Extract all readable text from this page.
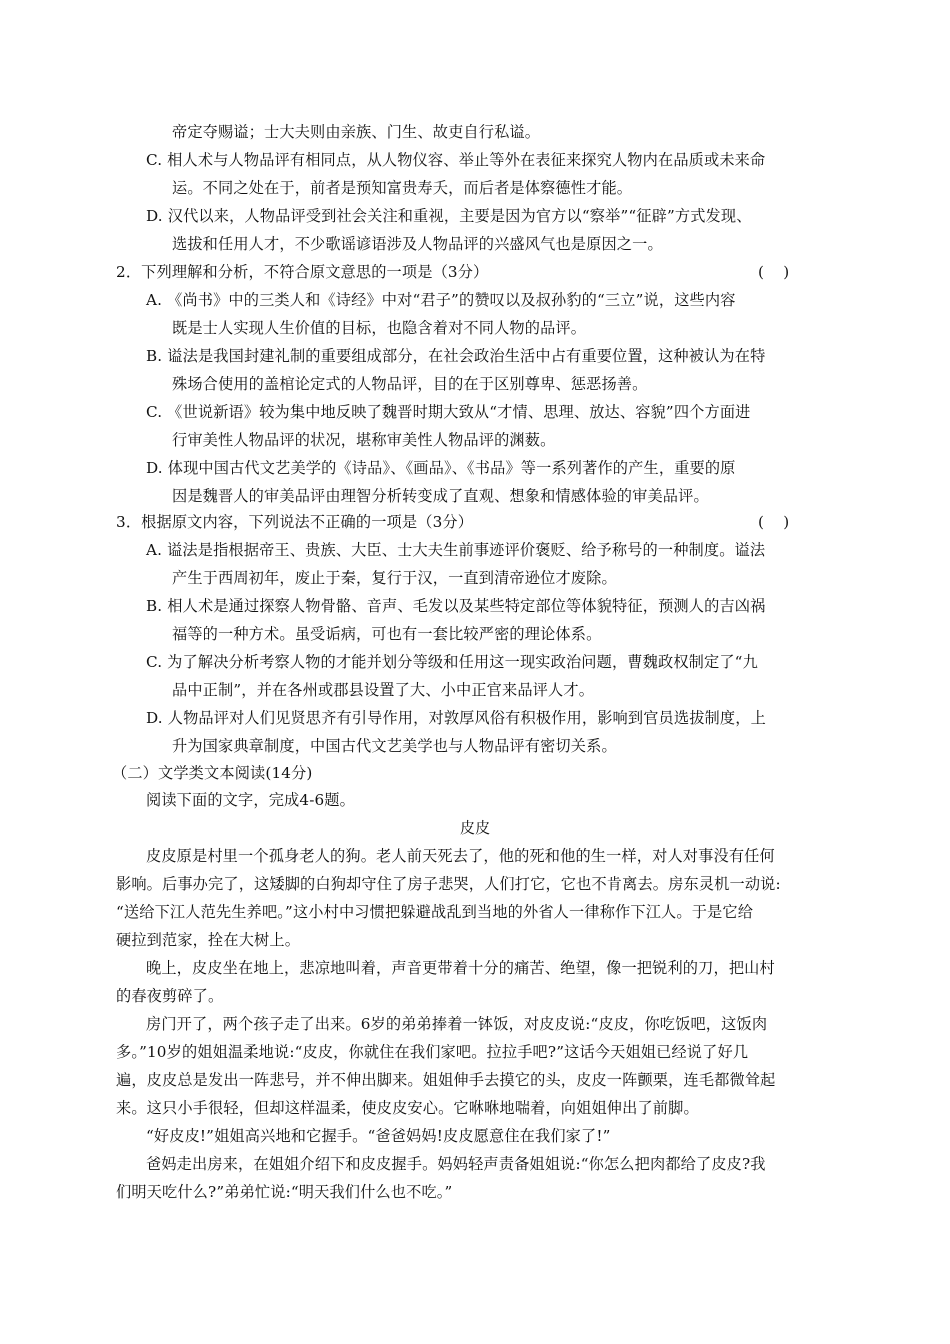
帝定夺赐谥；士大夫则由亲族、门生、故吏自行私谥。
C. 相人术与人物品评有相同点，从人物仪容、举止等外在表征来探究人物内在品质或未来命
运。不同之处在于，前者是预知富贵寿夭，而后者是体察德性才能。
D. 汉代以来，人物品评受到社会关注和重视，主要是因为官方以“察举”“征辟”方式发现、
选拔和任用人才，不少歌谣谚语涉及人物品评的兴盛风气也是原因之一。
2．下列理解和分析，不符合原文意思的一项是（3分）	(    )
A. 《尚书》中的三类人和《诗经》中对“君子”的赞叹以及叔孙豹的“三立”说，这些内容
既是士人实现人生价值的目标，也隐含着对不同人物的品评。
B. 谥法是我国封建礼制的重要组成部分，在社会政治生活中占有重要位置，这种被认为在特
殊场合使用的盖棺论定式的人物品评，目的在于区别尊卑、惩恶扬善。
C. 《世说新语》较为集中地反映了魏晋时期大致从“才情、思理、放达、容貌”四个方面进
行审美性人物品评的状况，堪称审美性人物品评的渊薮。
D. 体现中国古代文艺美学的《诗品》、《画品》、《书品》等一系列著作的产生，重要的原
因是魏晋人的审美品评由理智分析转变成了直观、想象和情感体验的审美品评。
3．根据原文内容，下列说法不正确的一项是（3分）	(    )
A. 谥法是指根据帝王、贵族、大臣、士大夫生前事迹评价褒贬、给予称号的一种制度。谥法
产生于西周初年，废止于秦，复行于汉，一直到清帝逊位才废除。
B. 相人术是通过探察人物骨骼、音声、毛发以及某些特定部位等体貌特征，预测人的吉凶祸
福等的一种方术。虽受诟病，可也有一套比较严密的理论体系。
C. 为了解决分析考察人物的才能并划分等级和任用这一现实政治问题，曹魏政权制定了“九
品中正制”，并在各州或郡县设置了大、小中正官来品评人才。
D. 人物品评对人们见贤思齐有引导作用，对敦厚风俗有积极作用，影响到官员选拔制度，上
升为国家典章制度，中国古代文艺美学也与人物品评有密切关系。
（二）文学类文本阅读(14分)
阅读下面的文字，完成4-6题。
皮皮
皮皮原是村里一个孤身老人的狗。老人前天死去了，他的死和他的生一样，对人对事没有任何
影响。后事办完了，这矮脚的白狗却守住了房子悲哭，人们打它，它也不肯离去。房东灵机一动说:
“送给下江人范先生养吧。”这小村中习惯把躲避战乱到当地的外省人一律称作下江人。于是它给
硬拉到范家，拴在大树上。
晚上，皮皮坐在地上，悲凉地叫着，声音更带着十分的痛苦、绝望，像一把锐利的刀，把山村
的春夜剪碎了。
房门开了，两个孩子走了出来。6岁的弟弟捧着一钵饭，对皮皮说:“皮皮，你吃饭吧，这饭肉
多。”10岁的姐姐温柔地说:“皮皮，你就住在我们家吧。拉拉手吧?”这话今天姐姐已经说了好几
遍，皮皮总是发出一阵悲号，并不伸出脚来。姐姐伸手去摸它的头，皮皮一阵颤栗，连毛都微耸起
来。这只小手很轻，但却这样温柔，使皮皮安心。它咻咻地喘着，向姐姐伸出了前脚。
“好皮皮!”姐姐高兴地和它握手。“爸爸妈妈!皮皮愿意住在我们家了!”
爸妈走出房来，在姐姐介绍下和皮皮握手。妈妈轻声责备姐姐说:“你怎么把肉都给了皮皮?我
们明天吃什么?”弟弟忙说:“明天我们什么也不吃。”
